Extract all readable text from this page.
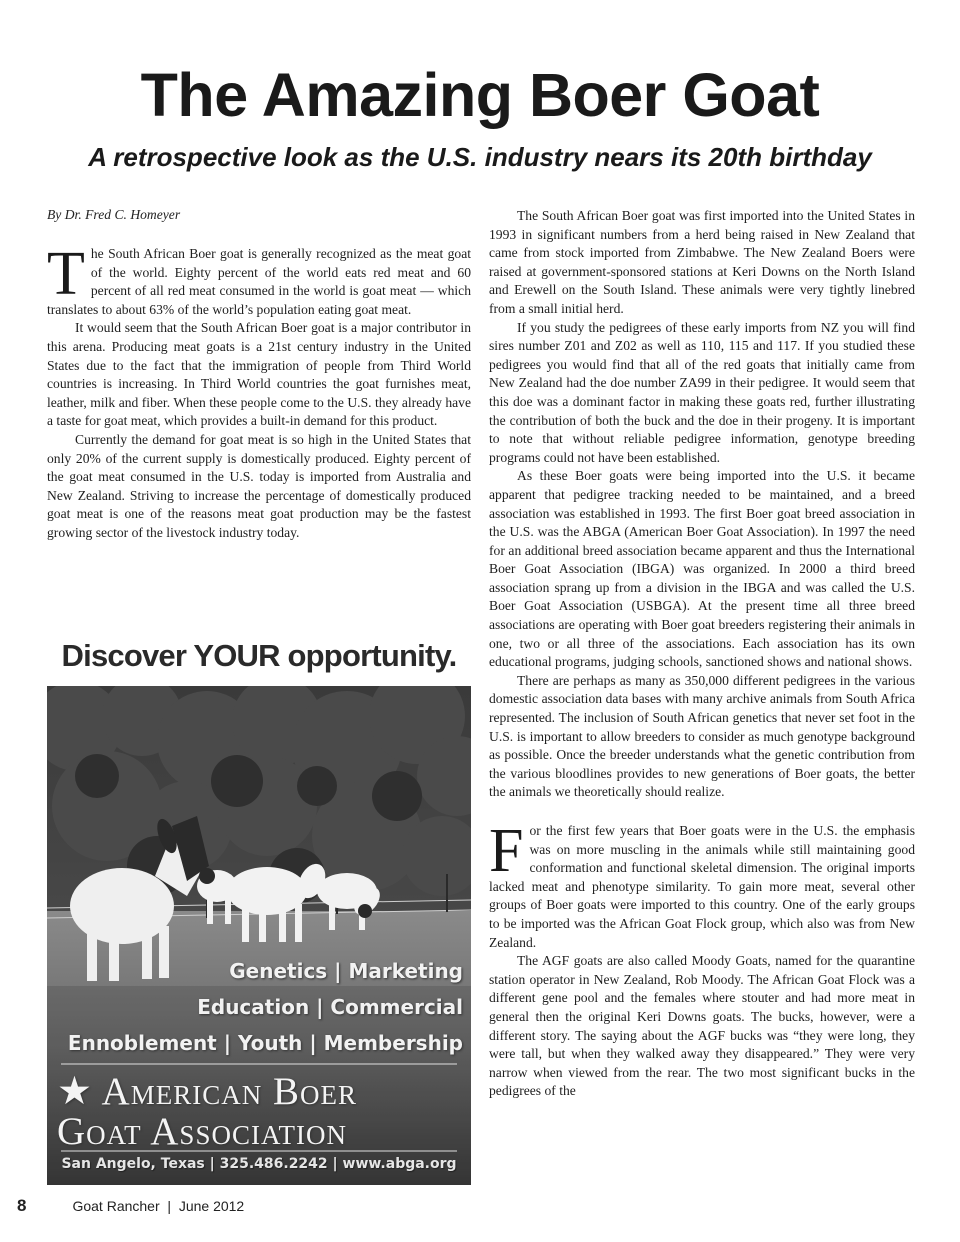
The Amazing Boer Goat
A retrospective look as the U.S. industry nears its 20th birthday
By Dr. Fred C. Homeyer

The South African Boer goat is generally recognized as the meat goat of the world. Eighty percent of the world eats red meat and 60 percent of all red meat consumed in the world is goat meat — which translates to about 63% of the world’s population eating goat meat.

It would seem that the South African Boer goat is a major contributor in this arena. Producing meat goats is a 21st century industry in the United States due to the fact that the immigration of people from Third World countries is increasing. In Third World countries the goat furnishes meat, leather, milk and fiber. When these people come to the U.S. they already have a taste for goat meat, which provides a built-in demand for this product.

Currently the demand for goat meat is so high in the United States that only 20% of the current supply is domestically produced. Eighty percent of the goat meat consumed in the U.S. today is imported from Australia and New Zealand. Striving to increase the percentage of domestically produced goat meat is one of the reasons meat goat production may be the fastest growing sector of the livestock industry today.

Discover YOUR opportunity.
Genetics | Marketing
Education | Commercial
Ennoblement | Youth | Membership
★ American Boer
Goat Association
San Angelo, Texas | 325.486.2242 | www.abga.org

The South African Boer goat was first imported into the United States in 1993 in significant numbers from a herd being raised in New Zealand that came from stock imported from Zimbabwe. The New Zealand Boers were raised at government-sponsored stations at Keri Downs on the North Island and Erewell on the South Island. These animals were very tightly linebred from a small initial herd.

If you study the pedigrees of these early imports from NZ you will find sires number Z01 and Z02 as well as 110, 115 and 117. If you studied these pedigrees you would find that all of the red goats that initially came from New Zealand had the doe number ZA99 in their pedigree. It would seem that this doe was a dominant factor in making these goats red, further illustrating the contribution of both the buck and the doe in their progeny. It is important to note that without reliable pedigree information, genotype breeding programs could not have been established.

As these Boer goats were being imported into the U.S. it became apparent that pedigree tracking needed to be maintained, and a breed association was established in 1993. The first Boer goat breed association in the U.S. was the ABGA (American Boer Goat Association). In 1997 the need for an additional breed association became apparent and thus the International Boer Goat Association (IBGA) was organized. In 2000 a third breed association sprang up from a division in the IBGA and was called the U.S. Boer Goat Association (USBGA). At the present time all three breed associations are operating with Boer goat breeders registering their animals in one, two or all three of the associations. Each association has its own educational programs, judging schools, sanctioned shows and national shows.

There are perhaps as many as 350,000 different pedigrees in the various domestic association data bases with many archive animals from South Africa represented. The inclusion of South African genetics that never set foot in the U.S. is important to allow breeders to consider as much genotype background as possible. Once the breeder understands what the genetic contribution from the various bloodlines provides to new generations of Boer goats, the better the animals we theoretically should realize.

For the first few years that Boer goats were in the U.S. the emphasis was on more muscling in the animals while still maintaining good conformation and functional skeletal dimension. The original imports lacked meat and phenotype similarity. To gain more meat, several other groups of Boer goats were imported to this country. One of the early groups to be imported was the African Goat Flock group, which also was from New Zealand.

The AGF goats are also called Moody Goats, named for the quarantine station operator in New Zealand, Rob Moody. The African Goat Flock was a different gene pool and the females where stouter and had more meat in general then the original Keri Downs goats. The bucks, however, were a different story. The saying about the AGF bucks was “they were long, they were tall, but when they walked away they disappeared.” They were very narrow when viewed from the rear. The two most significant bucks in the pedigrees of the

8	Goat Rancher  |  June 2012
